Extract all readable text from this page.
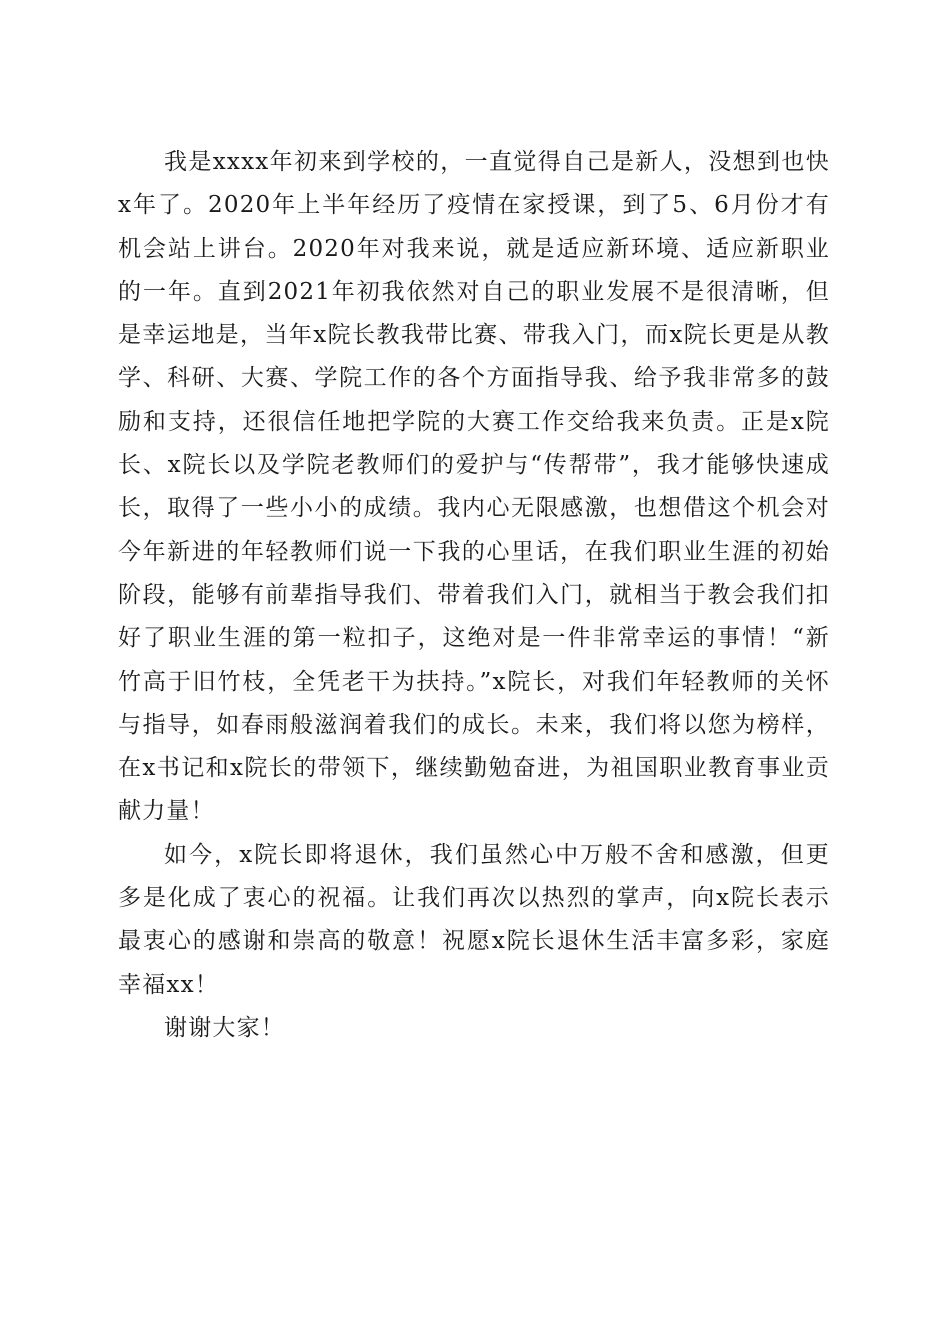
我是xxxx年初来到学校的，一直觉得自己是新人，没想到也快x年了。2020年上半年经历了疫情在家授课，到了5、6月份才有机会站上讲台。2020年对我来说，就是适应新环境、适应新职业的一年。直到2021年初我依然对自己的职业发展不是很清晰，但是幸运地是，当年x院长教我带比赛、带我入门，而x院长更是从教学、科研、大赛、学院工作的各个方面指导我、给予我非常多的鼓励和支持，还很信任地把学院的大赛工作交给我来负责。正是x院长、x院长以及学院老教师们的爱护与“传帮带”，我才能够快速成长，取得了一些小小的成绩。我内心无限感激，也想借这个机会对今年新进的年轻教师们说一下我的心里话，在我们职业生涯的初始阶段，能够有前辈指导我们、带着我们入门，就相当于教会我们扣好了职业生涯的第一粒扣子，这绝对是一件非常幸运的事情！“新竹高于旧竹枝，全凭老干为扶持。”x院长，对我们年轻教师的关怀与指导，如春雨般滋润着我们的成长。未来，我们将以您为榜样，在x书记和x院长的带领下，继续勤勉奋进，为祖国职业教育事业贡献力量！

如今，x院长即将退休，我们虽然心中万般不舍和感激，但更多是化成了衷心的祝福。让我们再次以热烈的掌声，向x院长表示最衷心的感谢和崇高的敬意！祝愿x院长退休生活丰富多彩，家庭幸福xx！

谢谢大家！
